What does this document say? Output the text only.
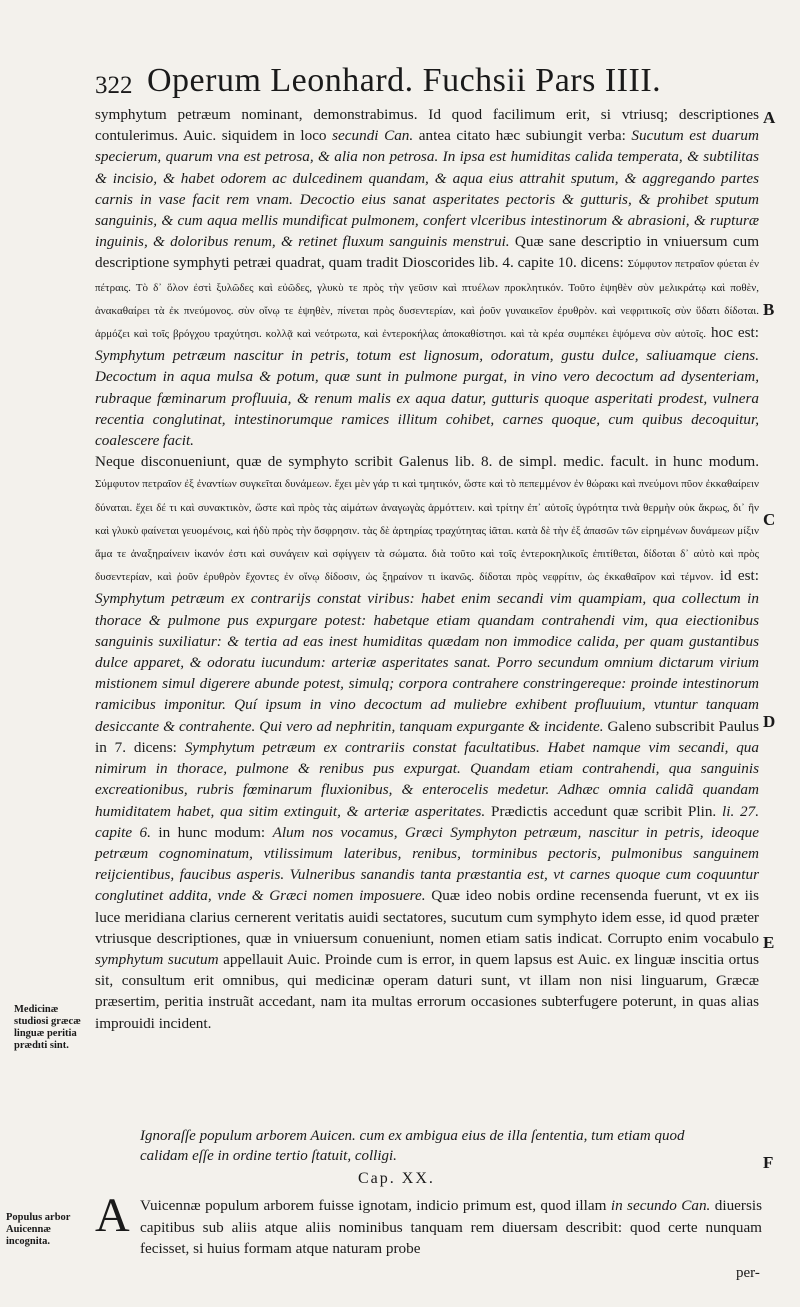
322 Operum Leonhard. Fuchsii Pars IIII.

symphytum petræum nominant, demonstrabimus. Id quod facilimum erit, si vtriusq; descriptiones contulerimus. Auic. siquidem in loco secundi Can. antea citato hæc subiungit verba: Sucutum est duarum specierum, quarum vna est petrosa, & alia non petrosa. In ipsa est humiditas calida temperata, & subtilitas & incisio, & habet odorem ac dulcedinem quandam, & aqua eius attrahit sputum, & aggregando partes carnis in vase facit rem vnam. Decoctio eius sanat asperitates pectoris & gutturis, & prohibet sputum sanguinis, & cum aqua mellis mundificat pulmonem, confert vlceribus intestinorum & abrasioni, & rupturæ inguinis, & doloribus renum, & retinet fluxum sanguinis menstrui. Quæ sane descriptio in vniuersum cum descriptione symphyti petræi quadrat, quam tradit Dioscorides lib. 4. capite 10. dicens: Σύμφυτον πετραῖον φύεται ἐν πέτραις. Τὸ δ᾽ ὅλον ἐστὶ ξυλῶδες καὶ εὐῶδες, γλυκὺ τε πρὸς τὴν γεῦσιν καὶ πτυέλων προκλητικόν. Τοῦτο ἑψηθὲν σὺν μελικράτῳ καὶ ποθὲν, ἀνακαθαίρει τὰ ἐκ πνεύμονος. σὺν οἴνῳ τε ἑψηθὲν, πίνεται πρὸς δυσεντερίαν, καὶ ῥοῦν γυναικεῖον ἐρυθρὸν. καὶ νεφριτικοῖς σὺν ὕδατι δίδοται. ἁρμόζει καὶ τοῖς βρόγχου τραχύτησι. κολλᾷ καὶ νεότρωτα, καὶ ἐντεροκήλας ἀποκαθίστησι. καὶ τὰ κρέα συμπέκει ἑψόμενα σὺν αὐτοῖς. hoc est: Symphytum petræum nascitur in petris, totum est lignosum, odoratum, gustu dulce, saliuamque ciens. Decoctum in aqua mulsa & potum, quæ sunt in pulmone purgat, in vino vero decoctum ad dysenteriam, rubraque fœminarum profluuia, & renum malis ex aqua datur, gutturis quoque asperitati prodest, vulnera recentia conglutinat, intestinorumque ramices illitum cohibet, carnes quoque, cum quibus decoquitur, coalescere facit.

Neque disconueniunt, quæ de symphyto scribit Galenus lib. 8. de simpl. medic. facult. in hunc modum. Σύμφυτον πετραῖον ἐξ ἐναντίων συγκεῖται δυνάμεων. ἔχει μὲν γάρ τι καὶ τμητικόν, ὥστε καὶ τὸ πεπεμμένον ἐν θώρακι καὶ πνεύμονι πῦον ἐκκαθαίρειν δύναται. ἔχει δέ τι καὶ συνακτικὸν, ὥστε καὶ πρὸς τὰς αἱμάτων ἀναγωγὰς ἁρμόττειν. καὶ τρίτην ἐπ᾽ αὐτοῖς ὑγρότητα τινὰ θερμὴν οὐκ ἄκρως, δι᾽ ἣν καὶ γλυκὺ φαίνεται γευομένοις, καὶ ἡδὺ πρὸς τὴν ὄσφρησιν. τὰς δὲ ἀρτηρίας τραχύτητας ἰᾶται. κατὰ δὲ τὴν ἐξ ἁπασῶν τῶν εἰρημένων δυνάμεων μίξιν ἅμα τε ἀναξηραίνειν ἱκανόν ἐστι καὶ συνάγειν καὶ σφίγγειν τὰ σώματα. διὰ τοῦτο καὶ τοῖς ἐντεροκηλικοῖς ἐπιτίθεται, δίδοται δ᾽ αὐτὸ καὶ πρὸς δυσεντερίαν, καὶ ῥοῦν ἐρυθρὸν ἔχοντες ἐν οἴνῳ δίδοσιν, ὡς ξηραίνον τι ἱκανῶς. δίδοται πρὸς νεφρίτιν, ὡς ἐκκαθαῖρον καὶ τέμνον. id est: Symphytum petræum ex contrarijs constat viribus: habet enim secandi vim quampiam, qua collectum in thorace & pulmone pus expurgare potest: habetque etiam quandam contrahendi vim, qua eiectionibus sanguinis suxiliatur: & tertia ad eas inest humiditas quædam non immodice calida, per quam gustantibus dulce apparet, & odoratu iucundum: arteriæ asperitates sanat. Porro secundum omnium dictarum virium mistionem simul digerere abunde potest, simulq; corpora contrahere constringereque: proinde intestinorum ramicibus imponitur. Quí ipsum in vino decoctum ad muliebre exhibent profluuium, vtuntur tanquam desiccante & contrahente. Qui vero ad nephritin, tanquam expurgante & incidente. Galeno subscribit Paulus in 7. dicens: Symphytum petræum ex contrariis constat facultatibus. Habet namque vim secandi, qua nimirum in thorace, pulmone & renibus pus expurgat. Quandam etiam contrahendi, qua sanguinis excreationibus, rubris fœminarum fluxionibus, & enterocelis medetur. Adhæc omnia calidã quandam humiditatem habet, qua sitim extinguit, & arteriæ asperitates. Prædictis accedunt quæ scribit Plin. li. 27. capite 6. in hunc modum: Alum nos vocamus, Græci Symphyton petræum, nascitur in petris, ideoque petræum cognominatum, vtilissimum lateribus, renibus, torminibus pectoris, pulmonibus sanguinem reijcientibus, faucibus asperis. Vulneribus sanandis tanta præstantia est, vt carnes quoque cum coquuntur conglutinet addita, vnde & Græci nomen imposuere. Quæ ideo nobis ordine recensenda fuerunt, vt ex iis luce meridiana clarius cernerent veritatis auidi sectatores, sucutum cum symphyto idem esse, id quod præter vtriusque descriptiones, quæ in vniuersum conueniunt, nomen etiam satis indicat. Corrupto enim vocabulo symphytum sucutum appellauit Auic. Proinde cum is error, in quem lapsus est Auic. ex linguæ inscitia ortus sit, consultum erit omnibus, qui medicinæ operam daturi sunt, vt illam non nisi linguarum, Græcæ præsertim, peritia instruãt accedant, nam ita multas errorum occasiones subterfugere poterunt, in quas alias improuidi incident.

A
B
C
D
E
F
Medicinæ studiosi græcæ linguæ peritia prædıti sint.
Ignoraſſe populum arborem Auicen. cum ex ambigua eius de illa ſententia, tum etiam quod calidam eſſe in ordine tertio ſtatuit, colligi.
Cap. XX.
Populus arbor Auicennæ incognita. A Vuicennæ populum arborem fuisse ignotam, indicio primum est, quod illam in secundo Can. diuersis capitibus sub aliis atque aliis nominibus tanquam rem diuersam describit: quod certe nunquam fecisset, si huius formam atque naturam probe

per-
